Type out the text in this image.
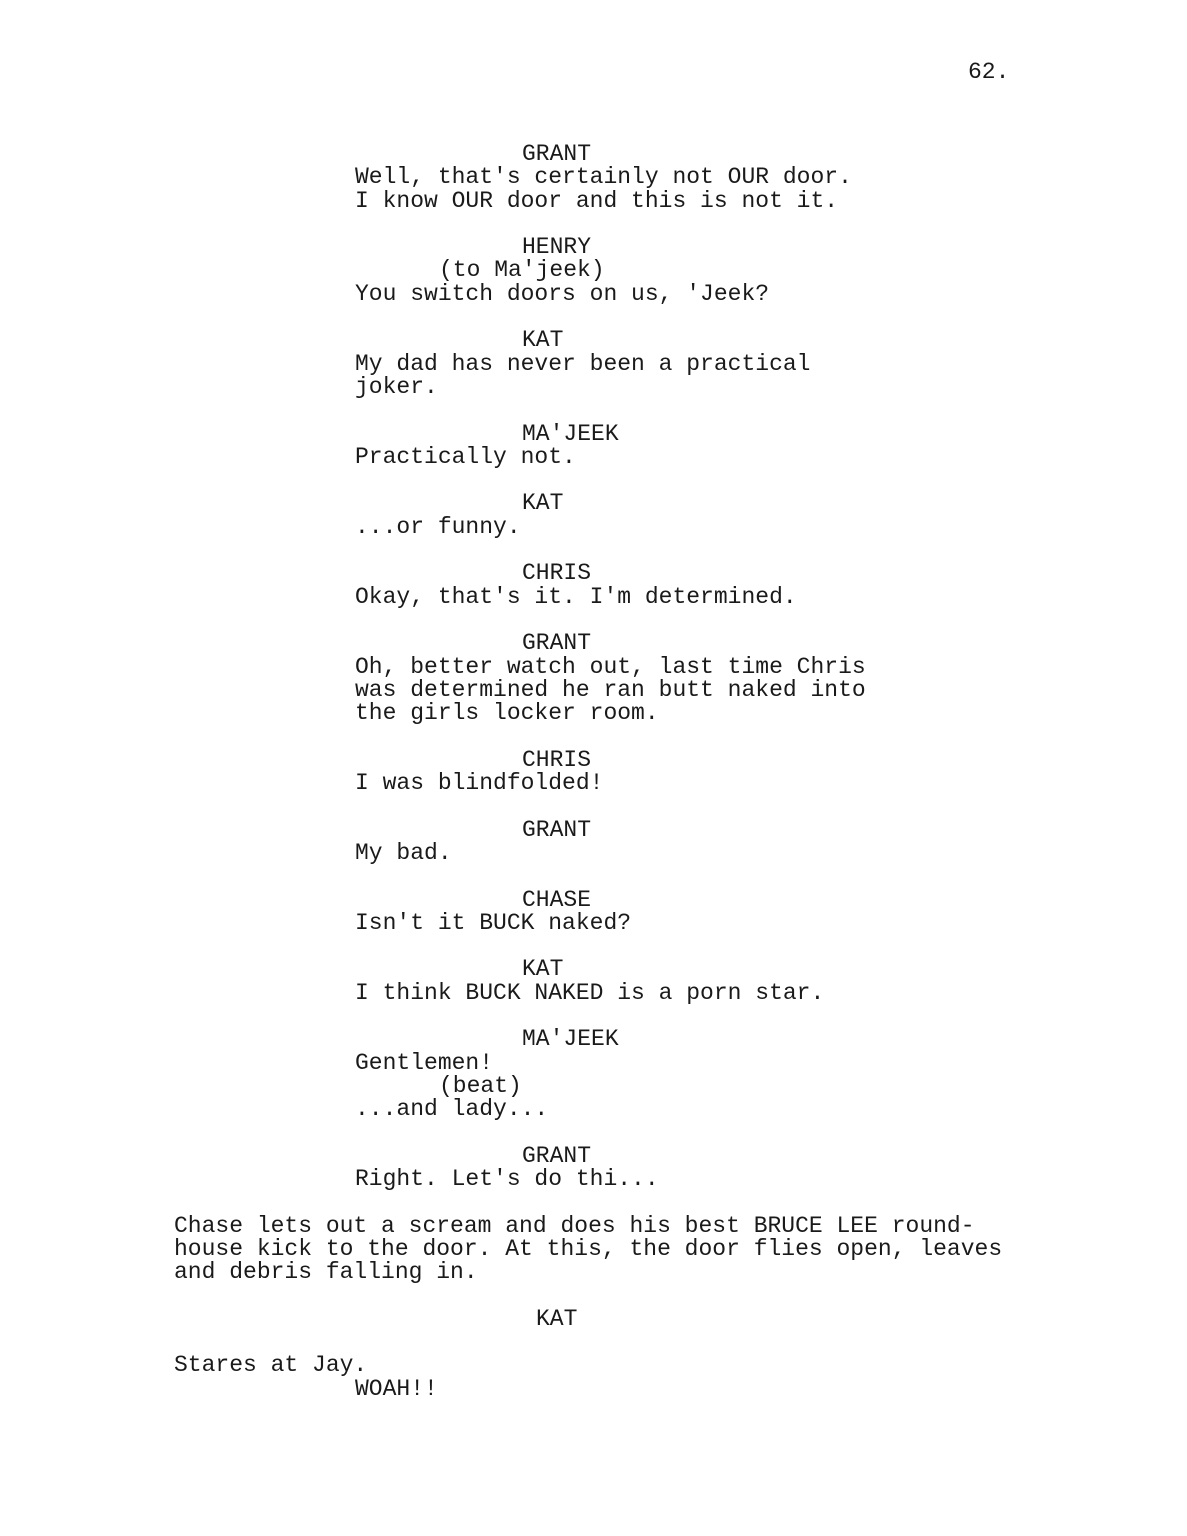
62.
GRANT
Well, that's certainly not OUR door.
I know OUR door and this is not it.
HENRY
(to Ma'jeek)
You switch doors on us, 'Jeek?
KAT
My dad has never been a practical
joker.
MA'JEEK
Practically not.
KAT
...or funny.
CHRIS
Okay, that's it. I'm determined.
GRANT
Oh, better watch out, last time Chris
was determined he ran butt naked into
the girls locker room.
CHRIS
I was blindfolded!
GRANT
My bad.
CHASE
Isn't it BUCK naked?
KAT
I think BUCK NAKED is a porn star.
MA'JEEK
Gentlemen!
(beat)
...and lady...
GRANT
Right. Let's do thi...
Chase lets out a scream and does his best BRUCE LEE round-
house kick to the door. At this, the door flies open, leaves
and debris falling in.
KAT
Stares at Jay.
WOAH!!
